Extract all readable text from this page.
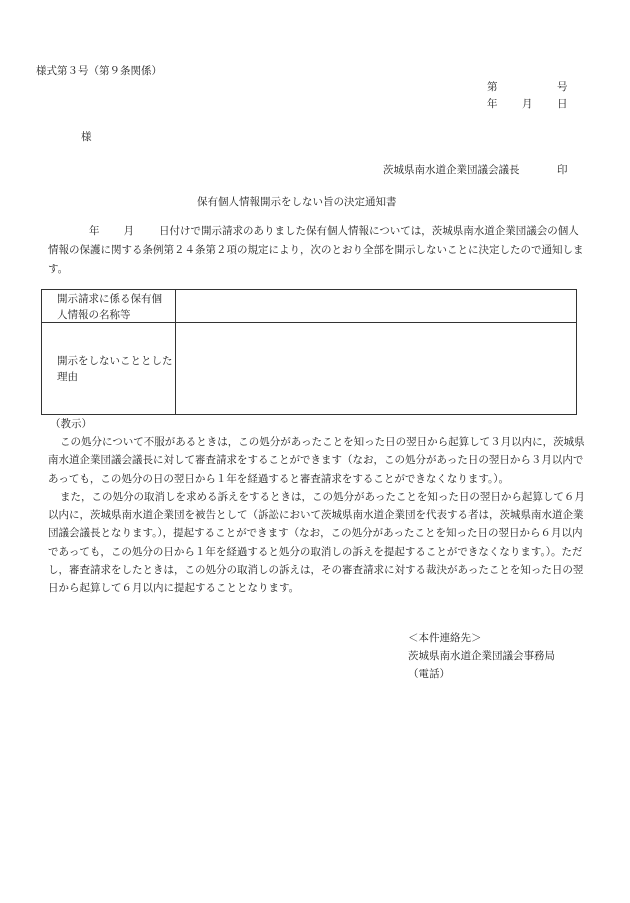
様式第３号（第９条関係）
第	号
年 月 日
様
茨城県南水道企業団議会議長	印
保有個人情報開示をしない旨の決定通知書

年 月 日付けで開示請求のありました保有個人情報については，茨城県南水道企業団議会の個人情報の保護に関する条例第２４条第２項の規定により，次のとおり全部を開示しないことに決定したので通知します。

開示請求に係る保有個人情報の名称等
開示をしないこととした理由
（教示）

この処分について不服があるときは，この処分があったことを知った日の翌日から起算して３月以内に，茨城県南水道企業団議会議長に対して審査請求をすることができます（なお，この処分があった日の翌日から３月以内であっても，この処分の日の翌日から１年を経過すると審査請求をすることができなくなります。）。

また，この処分の取消しを求める訴えをするときは，この処分があったことを知った日の翌日から起算して６月以内に，茨城県南水道企業団を被告として（訴訟において茨城県南水道企業団を代表する者は，茨城県南水道企業団議会議長となります。），提起することができます（なお，この処分があったことを知った日の翌日から６月以内であっても，この処分の日から１年を経過すると処分の取消しの訴えを提起することができなくなります。）。ただし，審査請求をしたときは，この処分の取消しの訴えは，その審査請求に対する裁決があったことを知った日の翌日から起算して６月以内に提起することとなります。

＜本件連絡先＞
茨城県南水道企業団議会事務局
（電話）
